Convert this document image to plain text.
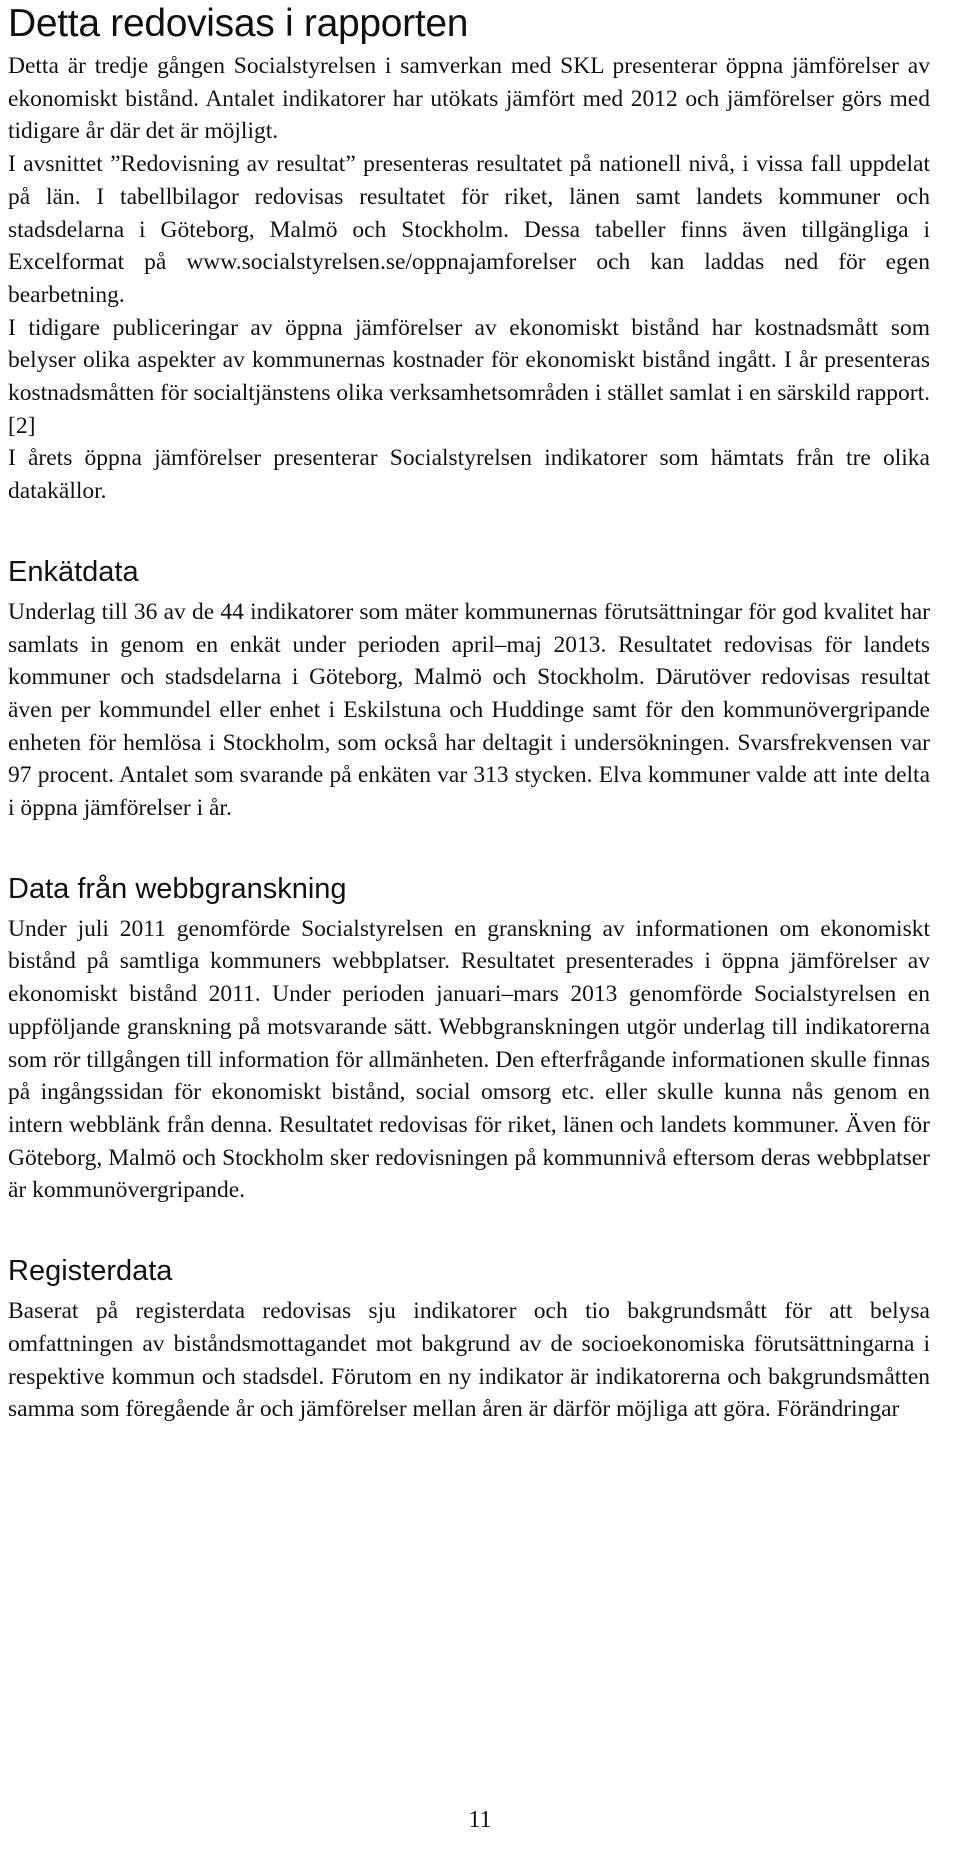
Detta redovisas i rapporten

Detta är tredje gången Socialstyrelsen i samverkan med SKL presenterar öppna jämförelser av ekonomiskt bistånd. Antalet indikatorer har utökats jämfört med 2012 och jämförelser görs med tidigare år där det är möjligt.

I avsnittet ”Redovisning av resultat” presenteras resultatet på nationell nivå, i vissa fall uppdelat på län. I tabellbilagor redovisas resultatet för riket, länen samt landets kommuner och stadsdelarna i Göteborg, Malmö och Stockholm. Dessa tabeller finns även tillgängliga i Excelformat på www.socialstyrelsen.se/oppnajamforelser och kan laddas ned för egen bearbetning.

I tidigare publiceringar av öppna jämförelser av ekonomiskt bistånd har kostnadsmått som belyser olika aspekter av kommunernas kostnader för ekonomiskt bistånd ingått. I år presenteras kostnadsmåtten för socialtjänstens olika verksamhetsområden i stället samlat i en särskild rapport. [2]

I årets öppna jämförelser presenterar Socialstyrelsen indikatorer som hämtats från tre olika datakällor.

Enkätdata

Underlag till 36 av de 44 indikatorer som mäter kommunernas förutsättningar för god kvalitet har samlats in genom en enkät under perioden april–maj 2013. Resultatet redovisas för landets kommuner och stadsdelarna i Göteborg, Malmö och Stockholm. Därutöver redovisas resultat även per kommundel eller enhet i Eskilstuna och Huddinge samt för den kommunövergripande enheten för hemlösa i Stockholm, som också har deltagit i undersökningen. Svarsfrekvensen var 97 procent. Antalet som svarande på enkäten var 313 stycken. Elva kommuner valde att inte delta i öppna jämförelser i år.

Data från webbgranskning

Under juli 2011 genomförde Socialstyrelsen en granskning av informationen om ekonomiskt bistånd på samtliga kommuners webbplatser. Resultatet presenterades i öppna jämförelser av ekonomiskt bistånd 2011. Under perioden januari–mars 2013 genomförde Socialstyrelsen en uppföljande granskning på motsvarande sätt. Webbgranskningen utgör underlag till indikatorerna som rör tillgången till information för allmänheten. Den efterfrågande informationen skulle finnas på ingångssidan för ekonomiskt bistånd, social omsorg etc. eller skulle kunna nås genom en intern webblänk från denna. Resultatet redovisas för riket, länen och landets kommuner. Även för Göteborg, Malmö och Stockholm sker redovisningen på kommunnivå eftersom deras webbplatser är kommunövergripande.

Registerdata

Baserat på registerdata redovisas sju indikatorer och tio bakgrundsmått för att belysa omfattningen av biståndsmottagandet mot bakgrund av de socioekonomiska förutsättningarna i respektive kommun och stadsdel. Förutom en ny indikator är indikatorerna och bakgrundsmåtten samma som föregående år och jämförelser mellan åren är därför möjliga att göra. Förändringar

11
